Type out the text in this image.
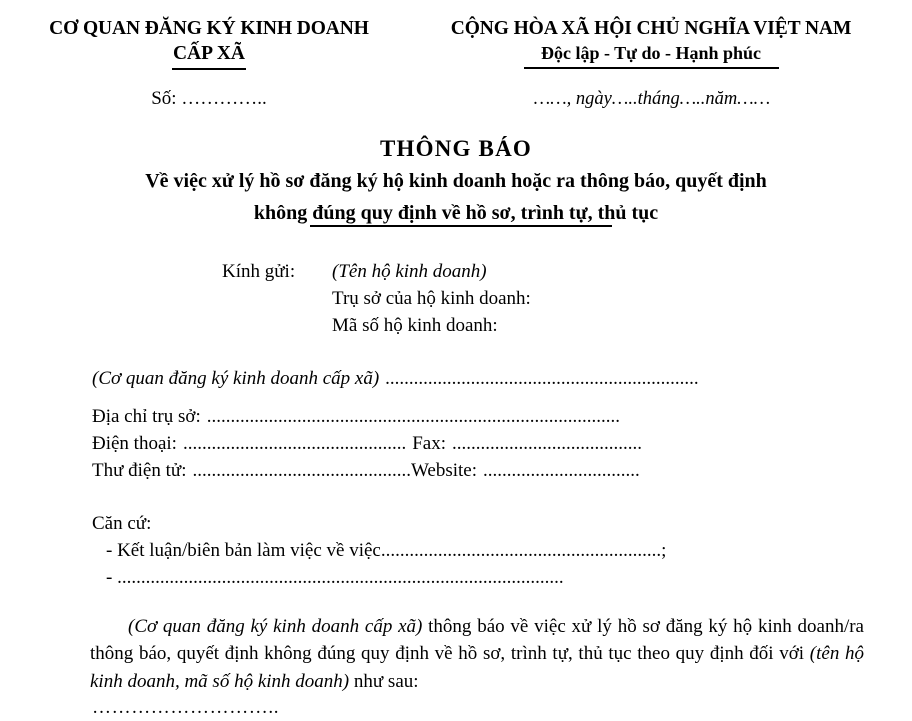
CƠ QUAN ĐĂNG KÝ KINH DOANH
CẤP XÃ
CỘNG HÒA XÃ HỘI CHỦ NGHĨA VIỆT NAM
Độc lập - Tự do - Hạnh phúc
Số: …………..	……, ngày…..tháng…..năm……
THÔNG BÁO
Về việc xử lý hồ sơ đăng ký hộ kinh doanh hoặc ra thông báo, quyết định
không đúng quy định về hồ sơ, trình tự, thủ tục
Kính gửi:	(Tên hộ kinh doanh)
Trụ sở của hộ kinh doanh:
Mã số hộ kinh doanh:
(Cơ quan đăng ký kinh doanh cấp xã) ..................................................................
Địa chỉ trụ sở: .......................................................................................
Điện thoại: ............................................... Fax: ........................................
Thư điện tử: ..............................................Website: .................................
Căn cứ:
- Kết luận/biên bản làm việc về việc...........................................................;
- ..............................................................................................
(Cơ quan đăng ký kinh doanh cấp xã) thông báo về việc xử lý hồ sơ đăng ký hộ kinh doanh/ra thông báo, quyết định không đúng quy định về hồ sơ, trình tự, thủ tục theo quy định đối với (tên hộ kinh doanh, mã số hộ kinh doanh) như sau:
………………………..
